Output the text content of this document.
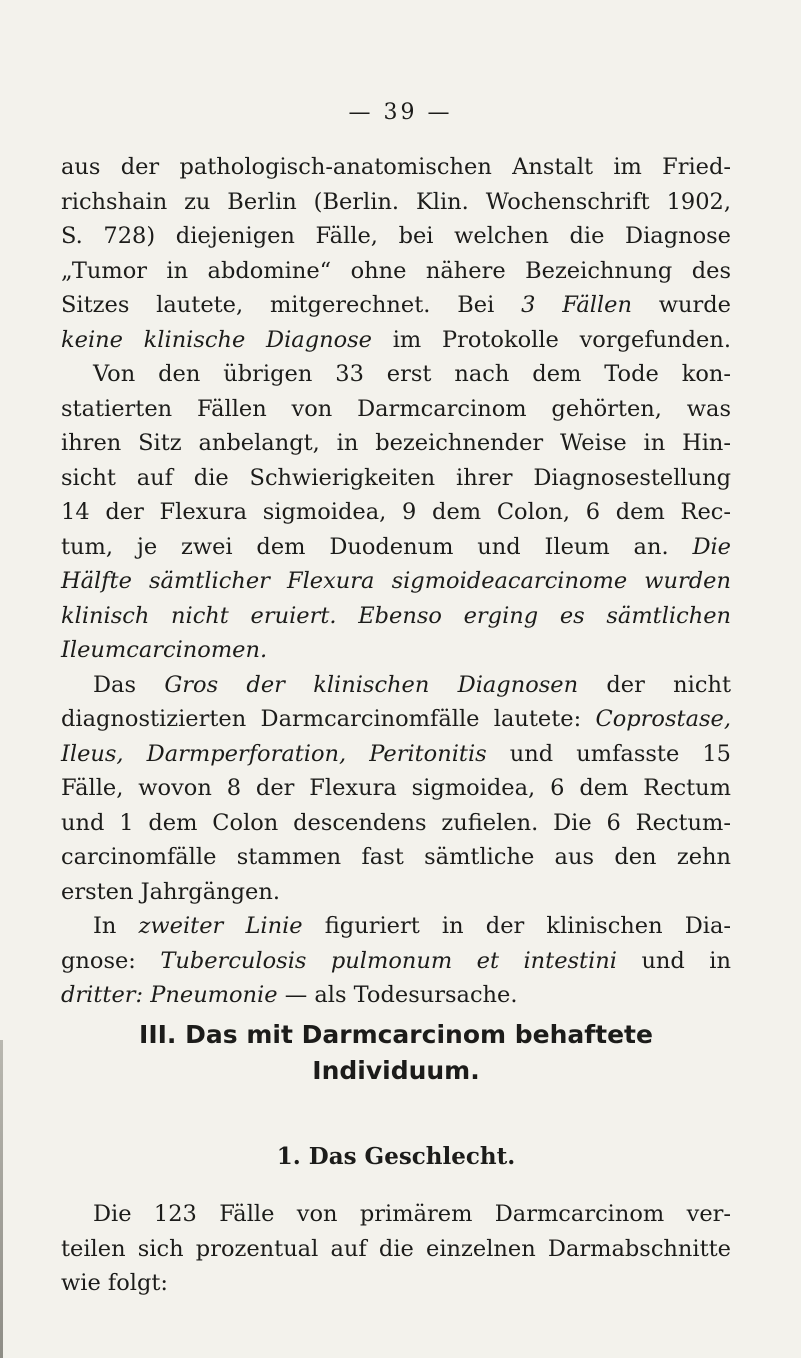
— 39 —
aus der pathologisch-anatomischen Anstalt im Fried-
richshain zu Berlin (Berlin. Klin. Wochenschrift 1902,
S. 728) diejenigen Fälle, bei welchen die Diagnose
„Tumor in abdomine“ ohne nähere Bezeichnung des
Sitzes lautete, mitgerechnet. Bei 3 Fällen wurde
keine klinische Diagnose im Protokolle vorgefunden.
Von den übrigen 33 erst nach dem Tode kon-
statierten Fällen von Darmcarcinom gehörten, was
ihren Sitz anbelangt, in bezeichnender Weise in Hin-
sicht auf die Schwierigkeiten ihrer Diagnosestellung
14 der Flexura sigmoidea, 9 dem Colon, 6 dem Rec-
tum, je zwei dem Duodenum und Ileum an. Die
Hälfte sämtlicher Flexura sigmoideacarcinome wurden
klinisch nicht eruiert. Ebenso erging es sämtlichen
Ileumcarcinomen.
Das Gros der klinischen Diagnosen der nicht
diagnostizierten Darmcarcinomfälle lautete: Coprostase,
Ileus, Darmperforation, Peritonitis und umfasste 15
Fälle, wovon 8 der Flexura sigmoidea, 6 dem Rectum
und 1 dem Colon descendens zufielen. Die 6 Rectum-
carcinomfälle stammen fast sämtliche aus den zehn
ersten Jahrgängen.
In zweiter Linie figuriert in der klinischen Dia-
gnose: Tuberculosis pulmonum et intestini und in
dritter: Pneumonie — als Todesursache.
III. Das mit Darmcarcinom behaftete
Individuum.
1. Das Geschlecht.
Die 123 Fälle von primärem Darmcarcinom ver-
teilen sich prozentual auf die einzelnen Darmabschnitte
wie folgt:
